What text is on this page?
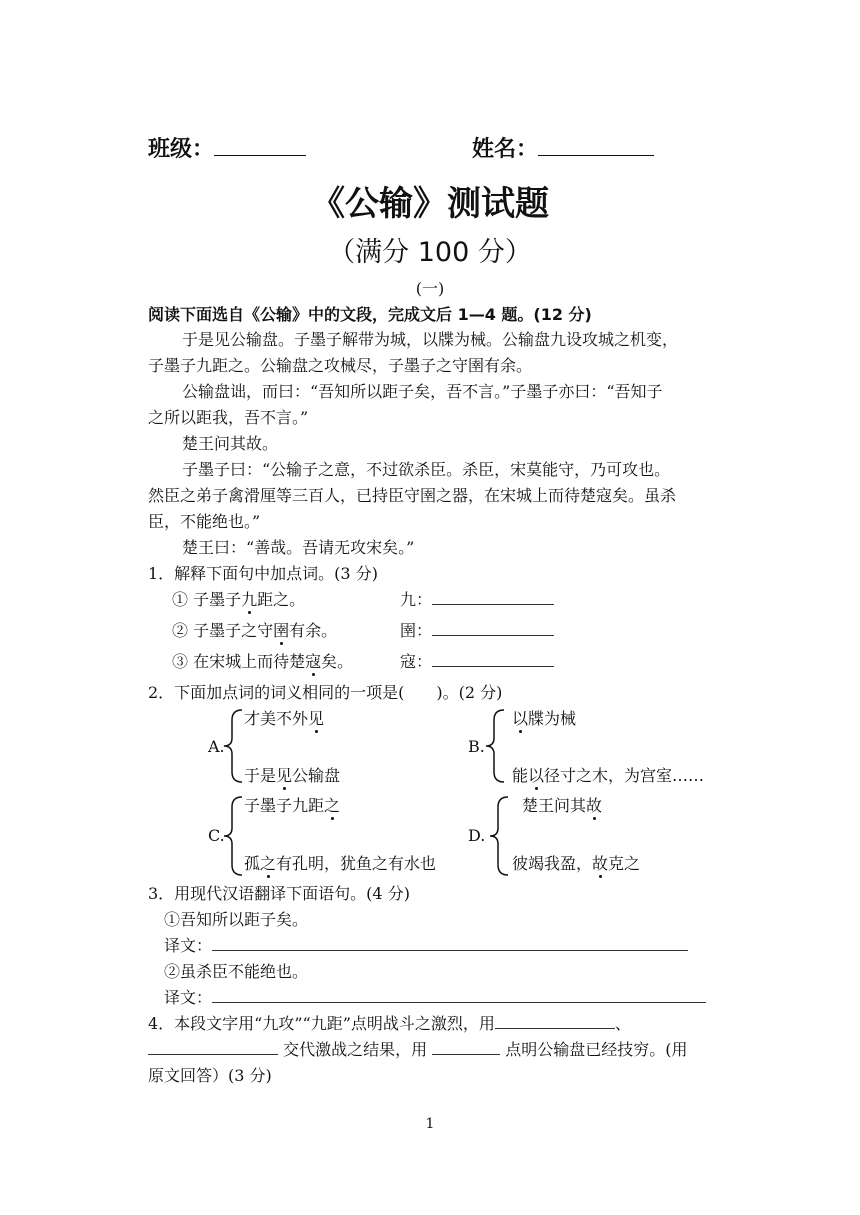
班级：	姓名：
《公输》测试题
（满分 100 分）
(一)
阅读下面选自《公输》中的文段，完成文后 1—4 题。(12 分)
于是见公输盘。子墨子解带为城，以牒为械。公输盘九设攻城之机变，
子墨子九距之。公输盘之攻械尽，子墨子之守圉有余。
公输盘诎，而曰：“吾知所以距子矣，吾不言。”子墨子亦曰：“吾知子
之所以距我，吾不言。”
楚王问其故。
子墨子曰：“公输子之意，不过欲杀臣。杀臣，宋莫能守，乃可攻也。
然臣之弟子禽滑厘等三百人，已持臣守圉之器，在宋城上而待楚寇矣。虽杀
臣，不能绝也。”
楚王曰：“善哉。吾请无攻宋矣。”
1．解释下面句中加点词。(3 分)
① 子墨子九距之。	九：
② 子墨子之守圉有余。	圉：
③ 在宋城上而待楚寇矣。	寇：
2．下面加点词的词义相同的一项是(　　)。(2 分)
A.
才美不外见
于是见公输盘
B.
以牒为械
能以径寸之木，为宫室……
C.
子墨子九距之
孤之有孔明，犹鱼之有水也
D.
楚王问其故
彼竭我盈，故克之
3．用现代汉语翻译下面语句。(4 分)
①吾知所以距子矣。
译文：
②虽杀臣不能绝也。
译文：
4．本段文字用“九攻”“九距”点明战斗之激烈，用	、
交代激战之结果，用	点明公输盘已经技穷。(用
原文回答）(3 分)
1
